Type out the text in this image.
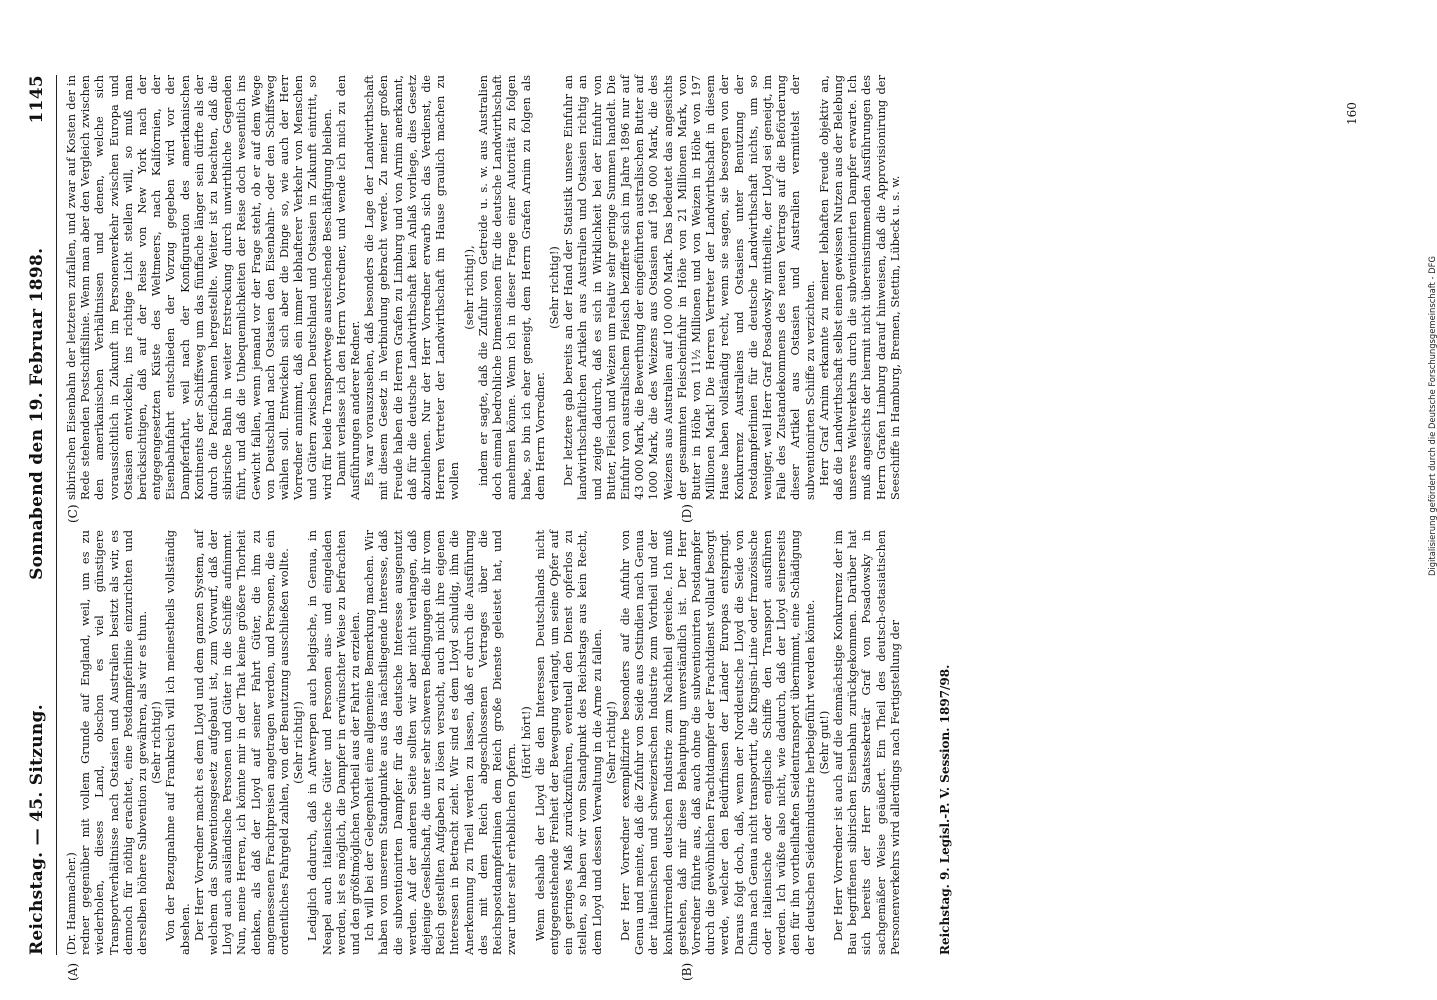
Reichstag. — 45. Sitzung.
Sonnabend den 19. Februar 1898.
1145
(A)	(B)
(C)	(D)

(Dr. Hammacher.) redner gegenüber mit vollem Grunde auf England, weil, um es zu wiederholen, dieses Land, obschon es viel günstigere Transportverhältnisse nach Ostasien und Australien besitzt als wir, es dennoch für nöthig erachtet, eine Postdampferlinie einzurichten und derselben höhere Subvention zu gewähren, als wir es thun. (Sehr richtig!) Von der Bezugnahme auf Frankreich will ich meinestheils vollständig absehen. Der Herr Vorredner macht es dem Lloyd und dem ganzen System, auf welchem das Subventionsgesetz aufgebaut ist, zum Vorwurf, daß der Lloyd auch ausländische Personen und Güter in die Schiffe aufnimmt. Nun, meine Herren, ich könnte mir in der That keine größere Thorheit denken, als daß der Lloyd auf seiner Fahrt Güter, die ihm zu angemessenen Frachtpreisen angetragen werden, und Personen, die ein ordentliches Fahrgeld zahlen, von der Benutzung ausschließen wollte. (Sehr richtig!) Lediglich dadurch, daß in Antwerpen auch belgische, in Genua, in Neapel auch italienische Güter und Personen aus- und eingeladen werden, ist es möglich, die Dampfer in erwünschter Weise zu befrachten und den größtmöglichen Vortheil aus der Fahrt zu erzielen. Ich will bei der Gelegenheit eine allgemeine Bemerkung machen. Wir haben von unserem Standpunkte aus das nächstliegende Interesse, daß die subventionirten Dampfer für das deutsche Interesse ausgenutzt werden. Auf der anderen Seite sollten wir aber nicht verlangen, daß diejenige Gesellschaft, die unter sehr schweren Bedingungen die ihr vom Reich gestellten Aufgaben zu lösen versucht, auch nicht ihre eigenen Interessen in Betracht zieht. Wir sind es dem Lloyd schuldig, ihm die Anerkennung zu Theil werden zu lassen, daß er durch die Ausführung des mit dem Reich abgeschlossenen Vertrages über die Reichspostdampferlinien dem Reich große Dienste geleistet hat, und zwar unter sehr erheblichen Opfern.

(Hört! hört!) Wenn deshalb der Lloyd die den Interessen Deutschlands nicht entgegenstehende Freiheit der Bewegung verlangt, um seine Opfer auf ein geringes Maß zurückzuführen, eventuell den Dienst opferlos zu stellen, so haben wir vom Standpunkt des Reichstags aus kein Recht, dem Lloyd und dessen Verwaltung in die Arme zu fallen. (Sehr richtig!) Der Herr Vorredner exemplifizirte besonders auf die Anfuhr von Genua und meinte, daß die Zufuhr von Seide aus Ostindien nach Genua der italienischen und schweizerischen Industrie zum Vortheil und der konkurrirenden deutschen Industrie zum Nachtheil gereiche. Ich muß gestehen, daß mir diese Behauptung unverständlich ist. Der Herr Vorredner führte aus, daß auch ohne die subventionirten Postdampfer durch die gewöhnlichen Frachtdampfer der Frachtdienst vollauf besorgt werde, welcher den Bedürfnissen der Länder Europas entspringt. Daraus folgt doch, daß, wenn der Norddeutsche Lloyd die Seide von China nach Genua nicht transportirt, die Kingsin-Linie oder französische oder italienische oder englische Schiffe den Transport ausführen werden. Ich wüßte also nicht, wie dadurch, daß der Lloyd seinerseits den für ihn vortheilhaften Seidentransport übernimmt, eine Schädigung der deutschen Seidenindustrie herbeigeführt werden könnte. (Sehr gut!) Der Herr Vorredner ist auch auf die demnächstige Konkurrenz der im Bau begriffenen sibirischen Eisenbahn zurückgekommen. Darüber hat sich bereits der Herr Staatssekretär Graf von Posadowsky in sachgemäßer Weise geäußert. Ein Theil des deutsch-ostasiatischen Personenverkehrs wird allerdings nach Fertigstellung der

sibirischen Eisenbahn der letzteren zufallen, und zwar auf Kosten der in Rede stehenden Postschiffslinie. Wenn man aber den Vergleich zwischen den amerikanischen Verhältnissen und denen, welche sich voraussichtlich in Zukunft im Personenverkehr zwischen Europa und Ostasien entwickeln, ins richtige Licht stellen will, so muß man berücksichtigen, daß auf der Reise von New York nach der entgegengesetzten Küste des Weltmeers, nach Kalifornien, der Eisenbahnfahrt entschieden der Vorzug gegeben wird vor der Dampferfahrt, weil nach der Konfiguration des amerikanischen Kontinents der Schiffsweg um das fünffache länger sein dürfte als der durch die Pacificbahnen hergestellte. Weiter ist zu beachten, daß die sibirische Bahn in weiter Erstreckung durch unwirthliche Gegenden führt, und daß die Unbequemlichkeiten der Reise doch wesentlich ins Gewicht fallen, wenn jemand vor der Frage steht, ob er auf dem Wege von Deutschland nach Ostasien den Eisenbahn- oder den Schiffsweg wählen soll. Entwickeln sich aber die Dinge so, wie auch der Herr Vorredner annimmt, daß ein immer lebhafterer Verkehr von Menschen und Gütern zwischen Deutschland und Ostasien in Zukunft eintritt, so wird für beide Transportwege ausreichende Beschäftigung bleiben. Damit verlasse ich den Herrn Vorredner, und wende ich mich zu den Ausführungen anderer Redner. Es war vorauszusehen, daß besonders die Lage der Landwirthschaft mit diesem Gesetz in Verbindung gebracht werde. Zu meiner großen Freude haben die Herren Grafen zu Limburg und von Arnim anerkannt, daß für die deutsche Landwirthschaft kein Anlaß vorliege, dies Gesetz abzulehnen. Nur der Herr Vorredner erwarb sich das Verdienst, die Herren Vertreter der Landwirthschaft im Hause graulich machen zu wollen

(sehr richtig!), indem er sagte, daß die Zufuhr von Getreide u. s. w. aus Australien doch einmal bedrohliche Dimensionen für die deutsche Landwirthschaft annehmen könne. Wenn ich in dieser Frage einer Autorität zu folgen habe, so bin ich eher geneigt, dem Herrn Grafen Arnim zu folgen als dem Herrn Vorredner.

(Sehr richtig!) Der letztere gab bereits an der Hand der Statistik unsere Einfuhr an landwirthschaftlichen Artikeln aus Australien und Ostasien richtig an und zeigte dadurch, daß es sich in Wirklichkeit bei der Einfuhr von Butter, Fleisch und Weizen um relativ sehr geringe Summen handelt. Die Einfuhr von australischem Fleisch bezifferte sich im Jahre 1896 nur auf 43 000 Mark, die Bewerthung der eingeführten australischen Butter auf 1000 Mark, die des Weizens aus Ostasien auf 196 000 Mark, die des Weizens aus Australien auf 100 000 Mark. Das bedeutet das angesichts der gesammten Fleischeinfuhr in Höhe von 21 Millionen Mark, von Butter in Höhe von 11½ Millionen und von Weizen in Höhe von 197 Millionen Mark! Die Herren Vertreter der Landwirthschaft in diesem Hause haben vollständig recht, wenn sie sagen, sie besorgen von der Konkurrenz Australiens und Ostasiens unter Benutzung der Postdampferlinien für die deutsche Landwirthschaft nichts, um so weniger, weil Herr Graf Posadowsky mittheilte, der Lloyd sei geneigt, im Falle des Zustandekommens des neuen Vertrags auf die Beförderung dieser Artikel aus Ostasien und Australien vermittelst der subventionirten Schiffe zu verzichten. Herr Graf Arnim erkannte zu meiner lebhaften Freude objektiv an, daß die Landwirthschaft selbst einen gewissen Nutzen aus der Belebung unseres Weltverkehrs durch die subventionirten Dampfer erwarte. Ich muß angesichts der hiermit nicht übereinstimmenden Ausführungen des Herrn Grafen Limburg darauf hinweisen, daß die Approvisionirung der Seeschiffe in Hamburg, Bremen, Stettin, Lübeck u. s. w.

Reichstag. 9. Legisl.-P. V. Session. 1897/98.
160
Digitalisierung gefördert durch die Deutsche Forschungsgemeinschaft - DFG
